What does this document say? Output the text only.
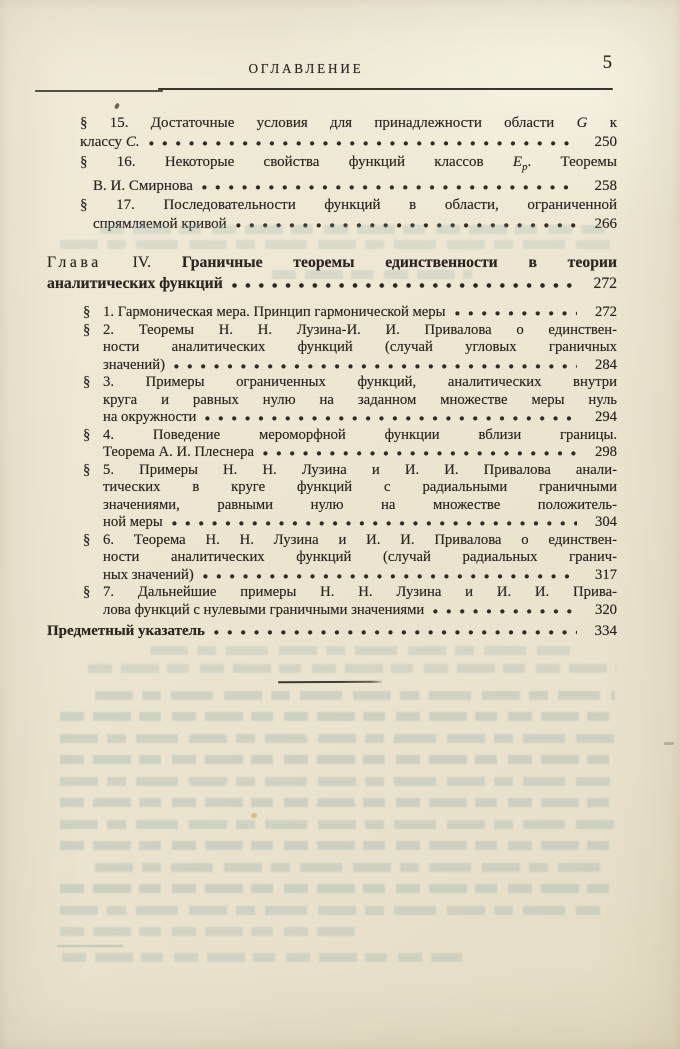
ОГЛАВЛЕНИЕ	5
§ 15. Достаточные условия для принадлежности области G к
классу С.	250
§ 16. Некоторые свойства функций классов $E_p$. Теоремы
В. И. Смирнова	258
§ 17. Последовательности функций в области, ограниченной
спрямляемой кривой	266
Глава IV. Граничные теоремы единственности в теории
аналитических функций	272
§ 1. Гармоническая мера. Принцип гармонической меры	272
§ 2. Теоремы Н. Н. Лузина-И. И. Привалова о единствен-
ности аналитических функций (случай угловых граничных
значений)	284
§ 3. Примеры ограниченных функций, аналитических внутри
круга и равных нулю на заданном множестве меры нуль
на окружности	294
§ 4. Поведение мероморфной функции вблизи границы.
Теорема А. И. Плеснера	298
§ 5. Примеры Н. Н. Лузина и И. И. Привалова анали-
тических в круге функций с радиальными граничными
значениями, равными нулю на множестве положитель-
ной меры	304
§ 6. Теорема Н. Н. Лузина и И. И. Привалова о единствен-
ности аналитических функций (случай радиальных гранич-
ных значений)	317
§ 7. Дальнейшие примеры Н. Н. Лузина и И. И. Прива-
лова функций с нулевыми граничными значениями	320
Предметный указатель	334
